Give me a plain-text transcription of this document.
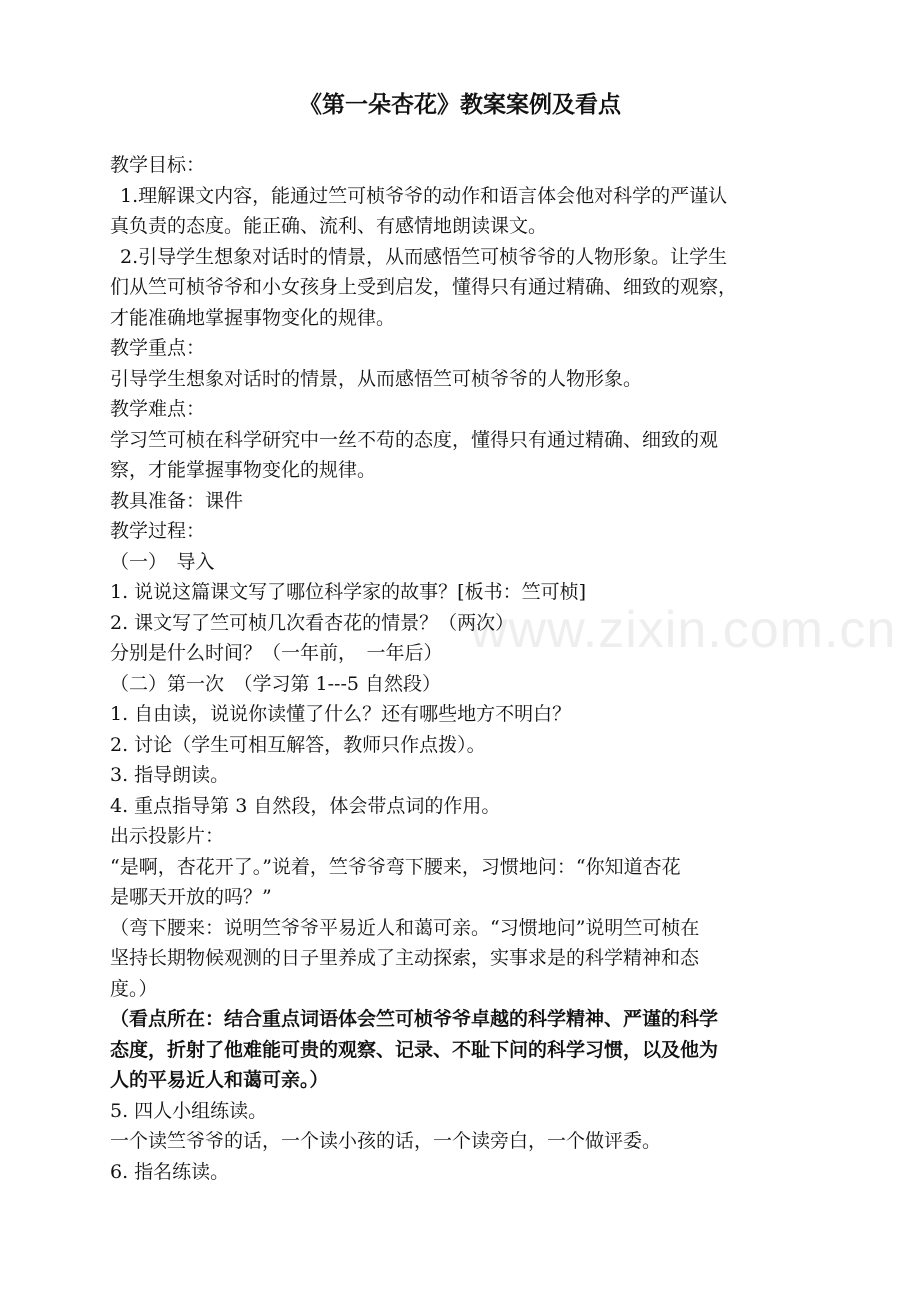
www.zixin.com.cn
《第一朵杏花》教案案例及看点

教学目标：

1.理解课文内容，能通过竺可桢爷爷的动作和语言体会他对科学的严谨认

真负责的态度。能正确、流利、有感情地朗读课文。

2.引导学生想象对话时的情景，从而感悟竺可桢爷爷的人物形象。让学生

们从竺可桢爷爷和小女孩身上受到启发，懂得只有通过精确、细致的观察，

才能准确地掌握事物变化的规律。

教学重点：

引导学生想象对话时的情景，从而感悟竺可桢爷爷的人物形象。

教学难点：

学习竺可桢在科学研究中一丝不苟的态度，懂得只有通过精确、细致的观

察，才能掌握事物变化的规律。

教具准备：课件

教学过程：

（一）　导入

1. 说说这篇课文写了哪位科学家的故事？[板书：竺可桢]

2. 课文写了竺可桢几次看杏花的情景？（两次）

分别是什么时间？（一年前，　一年后）

（二）第一次　（学习第 1---5 自然段）

1. 自由读，说说你读懂了什么？还有哪些地方不明白？

2. 讨论（学生可相互解答，教师只作点拨）。

3. 指导朗读。

4. 重点指导第 3 自然段，体会带点词的作用。

出示投影片：

“是啊，杏花开了。”说着，竺爷爷弯下腰来，习惯地问：“你知道杏花

是哪天开放的吗？”

（弯下腰来：说明竺爷爷平易近人和蔼可亲。“习惯地问”说明竺可桢在

坚持长期物候观测的日子里养成了主动探索，实事求是的科学精神和态

度。）

（看点所在：结合重点词语体会竺可桢爷爷卓越的科学精神、严谨的科学

态度，折射了他难能可贵的观察、记录、不耻下问的科学习惯，以及他为

人的平易近人和蔼可亲。）

5. 四人小组练读。

一个读竺爷爷的话，一个读小孩的话，一个读旁白，一个做评委。

6. 指名练读。
